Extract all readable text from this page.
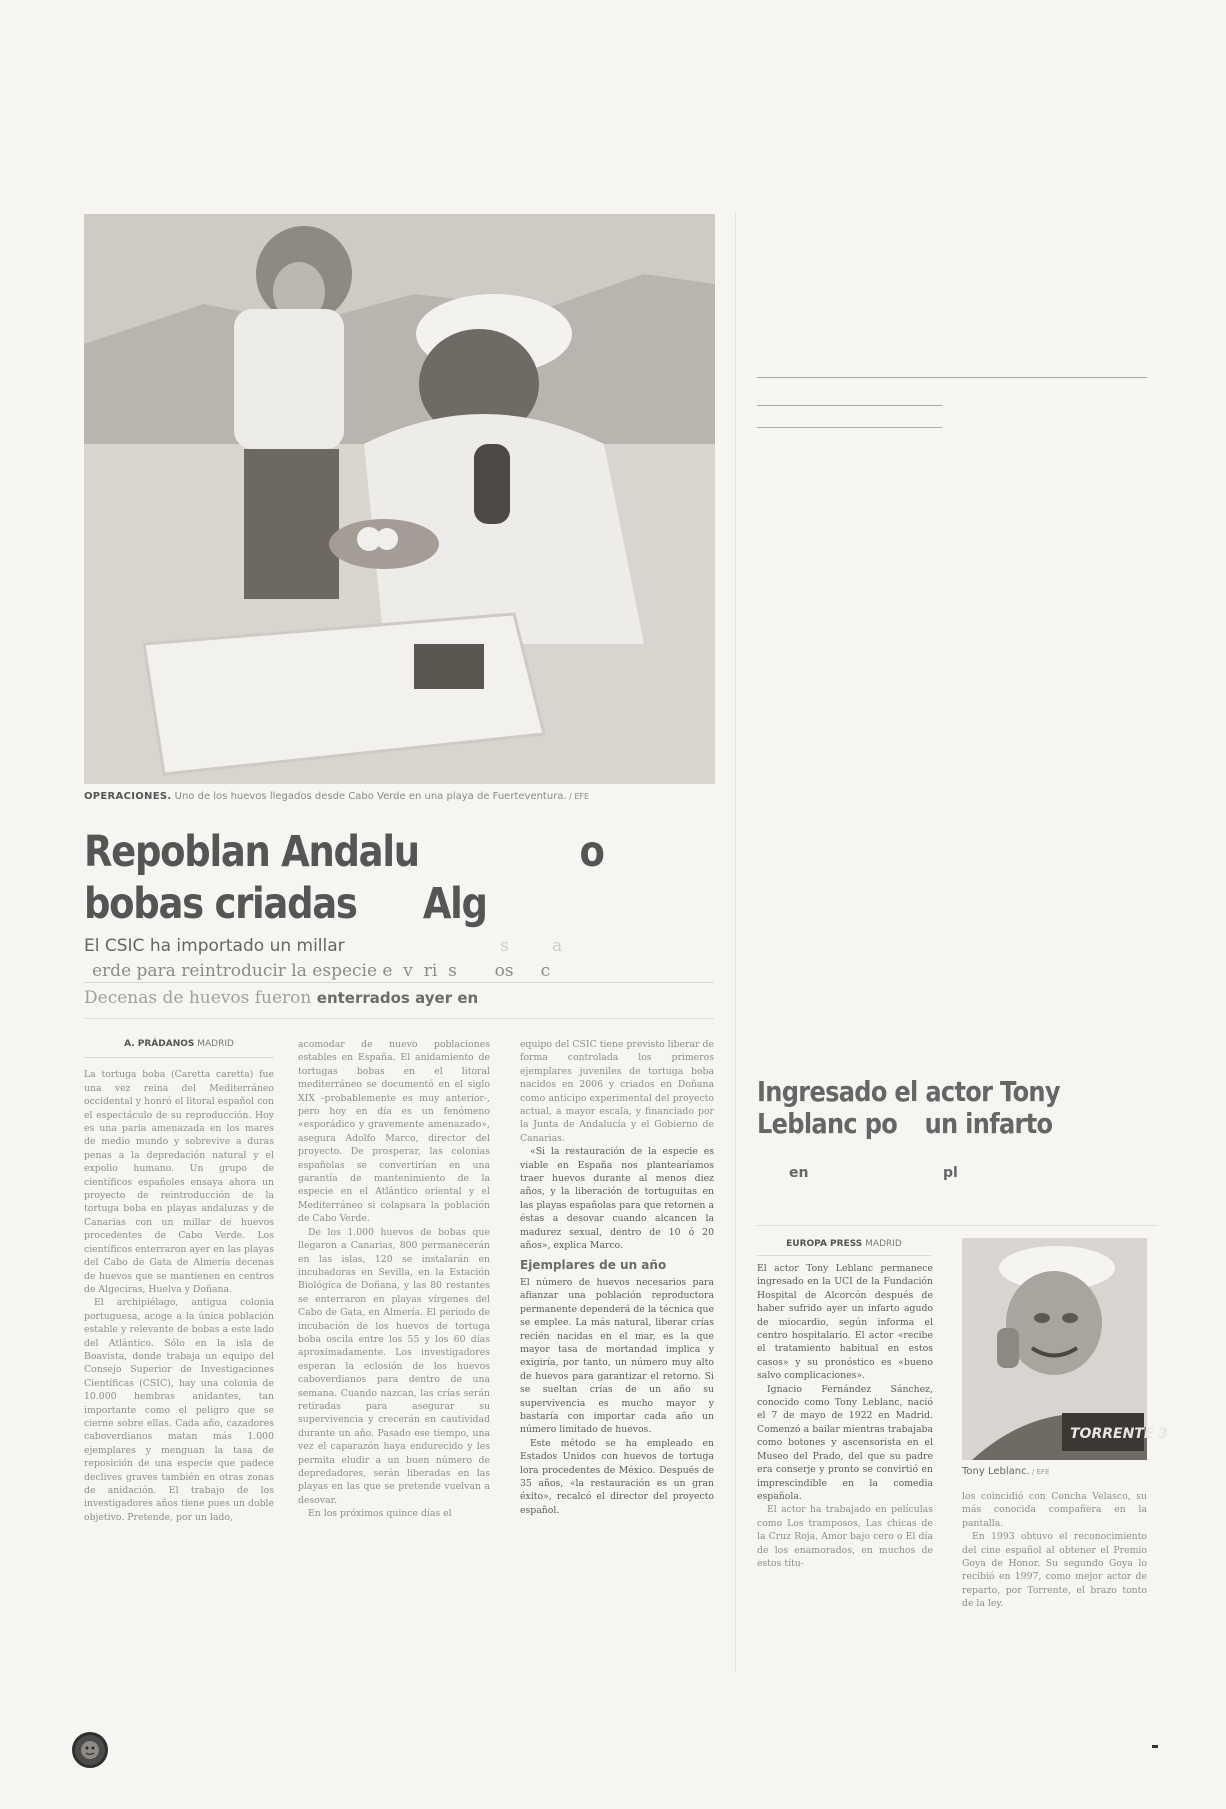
OPERACIONES. Uno de los huevos llegados desde Cabo Verde en una playa de Fuerteventura. / EFE
Repoblan Andalu	o
bobas criadas Alg
El CSIC ha importado un millar	s        a
erde para reintroducir la especie e  v  ri  s       os     c
Decenas de huevos fueron enterrados ayer en
A. PRÁDANOS MADRID

La tortuga boba (Caretta caretta) fue una vez reina del Mediterráneo occidental y honró el litoral español con el espectáculo de su reproducción. Hoy es una paria amenazada en los mares de medio mundo y sobrevive a duras penas a la depredación natural y el expolio humano. Un grupo de científicos españoles ensaya ahora un proyecto de reintroducción de la tortuga boba en playas andaluzas y de Canarias con un millar de huevos procedentes de Cabo Verde. Los científicos enterraron ayer en las playas del Cabo de Gata de Almería decenas de huevos que se mantienen en centros de Algeciras, Huelva y Doñana.

El archipiélago, antigua colonia portuguesa, acoge a la única población estable y relevante de bobas a este lado del Atlántico. Sólo en la isla de Boavista, donde trabaja un equipo del Consejo Superior de Investigaciones Científicas (CSIC), hay una colonia de 10.000 hembras anidantes, tan importante como el peligro que se cierne sobre ellas. Cada año, cazadores caboverdianos matan más 1.000 ejemplares y menguan la tasa de reposición de una especie que padece declives graves también en otras zonas de anidación. El trabajo de los investigadores años tiene pues un doble objetivo. Pretende, por un lado,

acomodar de nuevo poblaciones estables en España. El anidamiento de tortugas bobas en el litoral mediterráneo se documentó en el siglo XIX -probablemente es muy anterior-, pero hoy en día es un fenómeno «esporádico y gravemente amenazado», asegura Adolfo Marco, director del proyecto. De prosperar, las colonias españolas se convertirían en una garantía de mantenimiento de la especie en el Atlántico oriental y el Mediterráneo si colapsara la población de Cabo Verde.

De los 1.000 huevos de bobas que llegaron a Canarias, 800 permanecerán en las islas, 120 se instalarán en incubadoras en Sevilla, en la Estación Biológica de Doñana, y las 80 restantes se enterraron en playas vírgenes del Cabo de Gata, en Almería. El periodo de incubación de los huevos de tortuga boba oscila entre los 55 y los 60 días aproximadamente. Los investigadores esperan la eclosión de los huevos caboverdianos para dentro de una semana. Cuando nazcan, las crías serán retiradas para asegurar su supervivencia y crecerán en cautividad durante un año. Pasado ese tiempo, una vez el caparazón haya endurecido y les permita eludir a un buen número de depredadores, serán liberadas en las playas en las que se pretende vuelvan a desovar.

En los próximos quince días el

equipo del CSIC tiene previsto liberar de forma controlada los primeros ejemplares juveniles de tortuga boba nacidos en 2006 y criados en Doñana como anticipo experimental del proyecto actual, a mayor escala, y financiado por la Junta de Andalucía y el Gobierno de Canarias.

«Si la restauración de la especie es viable en España nos plantearíamos traer huevos durante al menos diez años, y la liberación de tortuguitas en las playas españolas para que retornen a éstas a desovar cuando alcancen la madurez sexual, dentro de 10 ó 20 años», explica Marco.

Ejemplares de un año

El número de huevos necesarios para afianzar una población reproductora permanente dependerá de la técnica que se emplee. La más natural, liberar crías recién nacidas en el mar, es la que mayor tasa de mortandad implica y exigiría, por tanto, un número muy alto de huevos para garantizar el retorno. Si se sueltan crías de un año su supervivencia es mucho mayor y bastaría con importar cada año un número limitado de huevos.

Este método se ha empleado en Estados Unidos con huevos de tortuga lora procedentes de México. Después de 35 años, «la restauración es un gran éxito», recalcó el director del proyecto español.

Ingresado el actor Tony
Leblanc po un infarto
en	pl
EUROPA PRESS MADRID

El actor Tony Leblanc permanece ingresado en la UCI de la Fundación Hospital de Alcorcón después de haber sufrido ayer un infarto agudo de miocardio, según informa el centro hospitalario. El actor «recibe el tratamiento habitual en estos casos» y su pronóstico es «bueno salvo complicaciones».

Ignacio Fernández Sánchez, conocido como Tony Leblanc, nació el 7 de mayo de 1922 en Madrid. Comenzó a bailar mientras trabajaba como botones y ascensorista en el Museo del Prado, del que su padre era conserje y pronto se convirtió en imprescindible en la comedia española.

El actor ha trabajado en películas como Los tramposos, Las chicas de la Cruz Roja, Amor bajo cero o El día de los enamorados, en muchos de estos títu-

TORRENTE 3
Tony Leblanc. / EFE

los coincidió con Concha Velasco, su más conocida compañera en la pantalla.

En 1993 obtuvo el reconocimiento del cine español al obtener el Premio Goya de Honor. Su segundo Goya lo recibió en 1997, como mejor actor de reparto, por Torrente, el brazo tonto de la ley.
